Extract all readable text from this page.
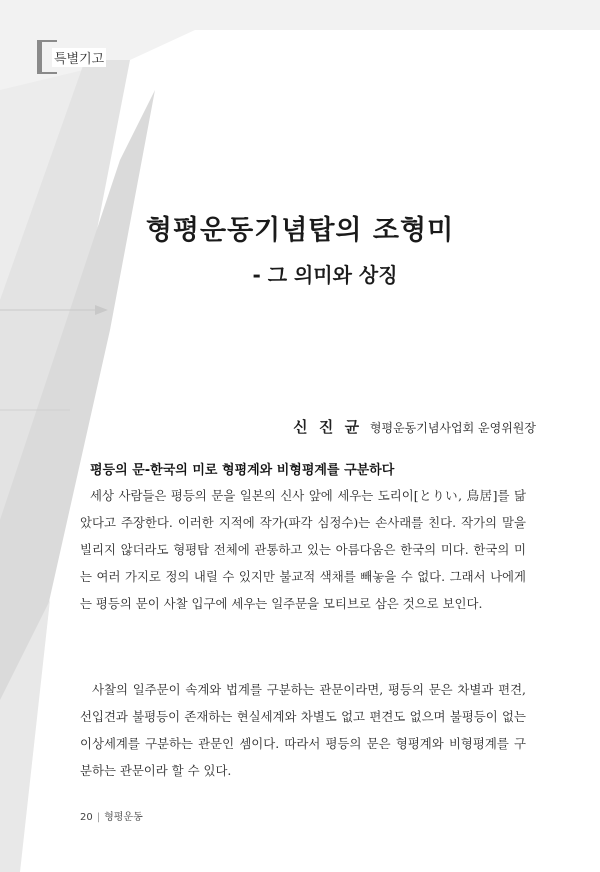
특별기고
형평운동기념탑의 조형미
- 그 의미와 상징
신 진 균 형평운동기념사업회 운영위원장
평등의 문-한국의 미로 형평계와 비형평계를 구분하다

세상 사람들은 평등의 문을 일본의 신사 앞에 세우는 도리이[とりい, 鳥居]를 닮았다고 주장한다. 이러한 지적에 작가(파각 심정수)는 손사래를 친다. 작가의 말을 빌리지 않더라도 형평탑 전체에 관통하고 있는 아름다움은 한국의 미다. 한국의 미는 여러 가지로 정의 내릴 수 있지만 불교적 색채를 빼놓을 수 없다. 그래서 나에게는 평등의 문이 사찰 입구에 세우는 일주문을 모티브로 삼은 것으로 보인다.

사찰의 일주문이 속계와 법계를 구분하는 관문이라면, 평등의 문은 차별과 편견, 선입견과 불평등이 존재하는 현실세계와 차별도 없고 편견도 없으며 불평등이 없는 이상세계를 구분하는 관문인 셈이다. 따라서 평등의 문은 형평계와 비형평계를 구분하는 관문이라 할 수 있다.

20 | 형평운동
